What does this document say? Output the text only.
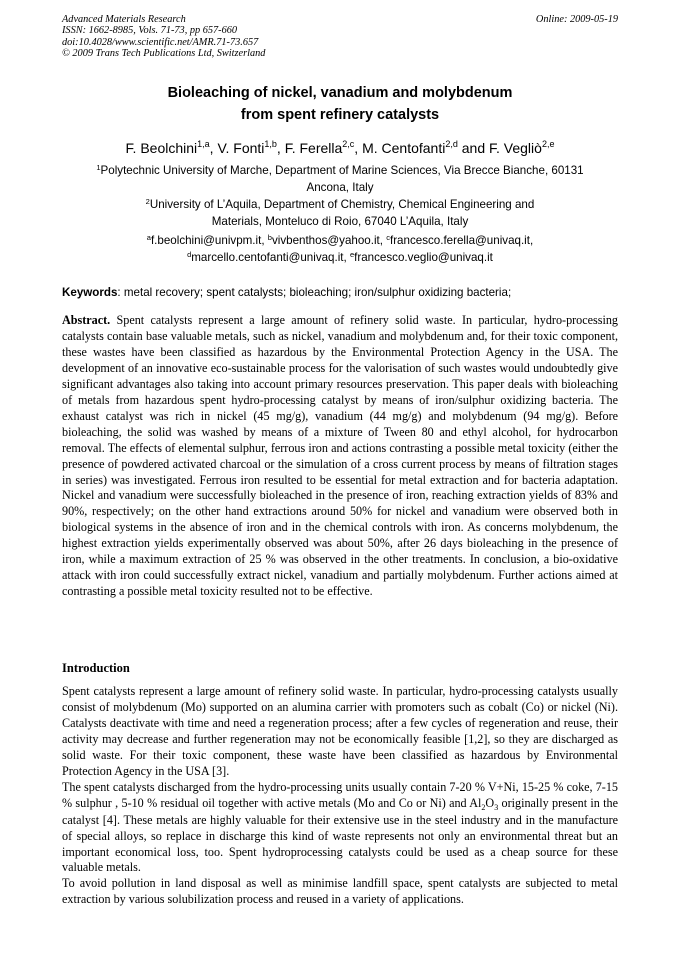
Advanced Materials Research
ISSN: 1662-8985, Vols. 71-73, pp 657-660
doi:10.4028/www.scientific.net/AMR.71-73.657
© 2009 Trans Tech Publications Ltd, Switzerland
Online: 2009-05-19
Bioleaching of nickel, vanadium and molybdenum
from spent refinery catalysts
F. Beolchini$^{1,a}$, V. Fonti$^{1,b}$, F. Ferella$^{2,c}$, M. Centofanti$^{2,d}$ and F. Vegliò$^{2,e}$
$^1$Polytechnic University of Marche, Department of Marine Sciences, Via Brecce Bianche, 60131
Ancona, Italy
$^2$University of L’Aquila, Department of Chemistry, Chemical Engineering and
Materials, Monteluco di Roio, 67040 L’Aquila, Italy
$^a$f.beolchini@univpm.it, $^b$vivbenthos@yahoo.it, $^c$francesco.ferella@univaq.it,
$^d$marcello.centofanti@univaq.it, $^e$francesco.veglio@univaq.it
Keywords: metal recovery; spent catalysts; bioleaching; iron/sulphur oxidizing bacteria;
Abstract. Spent catalysts represent a large amount of refinery solid waste. In particular, hydro-processing catalysts contain base valuable metals, such as nickel, vanadium and molybdenum and, for their toxic component, these wastes have been classified as hazardous by the Environmental Protection Agency in the USA. The development of an innovative eco-sustainable process for the valorisation of such wastes would undoubtedly give significant advantages also taking into account primary resources preservation. This paper deals with bioleaching of metals from hazardous spent hydro-processing catalyst by means of iron/sulphur oxidizing bacteria. The exhaust catalyst was rich in nickel (45 mg/g), vanadium (44 mg/g) and molybdenum (94 mg/g). Before bioleaching, the solid was washed by means of a mixture of Tween 80 and ethyl alcohol, for hydrocarbon removal. The effects of elemental sulphur, ferrous iron and actions contrasting a possible metal toxicity (either the presence of powdered activated charcoal or the simulation of a cross current process by means of filtration stages in series) was investigated. Ferrous iron resulted to be essential for metal extraction and for bacteria adaptation. Nickel and vanadium were successfully bioleached in the presence of iron, reaching extraction yields of 83% and 90%, respectively; on the other hand extractions around 50% for nickel and vanadium were observed both in biological systems in the absence of iron and in the chemical controls with iron. As concerns molybdenum, the highest extraction yields experimentally observed was about 50%, after 26 days bioleaching in the presence of iron, while a maximum extraction of 25 % was observed in the other treatments. In conclusion, a bio-oxidative attack with iron could successfully extract nickel, vanadium and partially molybdenum. Further actions aimed at contrasting a possible metal toxicity resulted not to be effective.
Introduction

Spent catalysts represent a large amount of refinery solid waste. In particular, hydro-processing catalysts usually consist of molybdenum (Mo) supported on an alumina carrier with promoters such as cobalt (Co) or nickel (Ni). Catalysts deactivate with time and need a regeneration process; after a few cycles of regeneration and reuse, their activity may decrease and further regeneration may not be economically feasible [1,2], so they are discharged as solid waste. For their toxic component, these waste have been classified as hazardous by Environmental Protection Agency in the USA [3].

The spent catalysts discharged from the hydro-processing units usually contain 7-20 % V+Ni, 15-25 % coke, 7-15 % sulphur , 5-10 % residual oil together with active metals (Mo and Co or Ni) and $Al_2O_3$ originally present in the catalyst [4]. These metals are highly valuable for their extensive use in the steel industry and in the manufacture of special alloys, so replace in discharge this kind of waste represents not only an environmental threat but an important economical loss, too. Spent hydroprocessing catalysts could be used as a cheap source for these valuable metals.

To avoid pollution in land disposal as well as minimise landfill space, spent catalysts are subjected to metal extraction by various solubilization process and reused in a variety of applications.
